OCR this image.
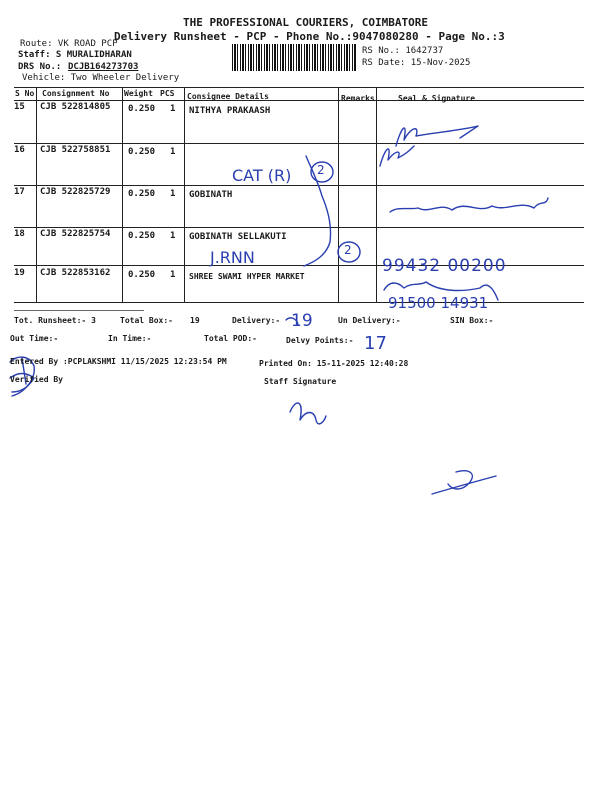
THE PROFESSIONAL COURIERS, COIMBATORE
Delivery Runsheet - PCP - Phone No.:9047080280 - Page No.:3
Route: VK ROAD PCP
Staff: S MURALIDHARAN
DRS No.: DCJB164273703
Vehicle: Two Wheeler Delivery
RS No.: 1642737
RS Date: 15-Nov-2025
S No Consignment No Weight PCS Consignee Details	Remarks	Seal & Signature
15 CJB 522814805 0.250 1 NITHYA PRAKAASH
16 CJB 522758851 0.250 1
17 CJB 522825729 0.250 1 GOBINATH
18 CJB 522825754 0.250 1 GOBINATH SELLAKUTI
19 CJB 522853162 0.250 1 SHREE SWAMI HYPER MARKET
CAT (R) 2
2
J.RNN	99432 00200
91500 14931
19
17
Tot. Runsheet:- 3	Total Box:- 19	Delivery:-	Un Delivery:-	SIN Box:-
Out Time:-	In Time:-	Total POD:-	Delvy Points:-
Entered By :PCPLAKSHMI 11/15/2025 12:23:54 PM	Printed On: 15-11-2025 12:40:28
Verified By	Staff Signature
